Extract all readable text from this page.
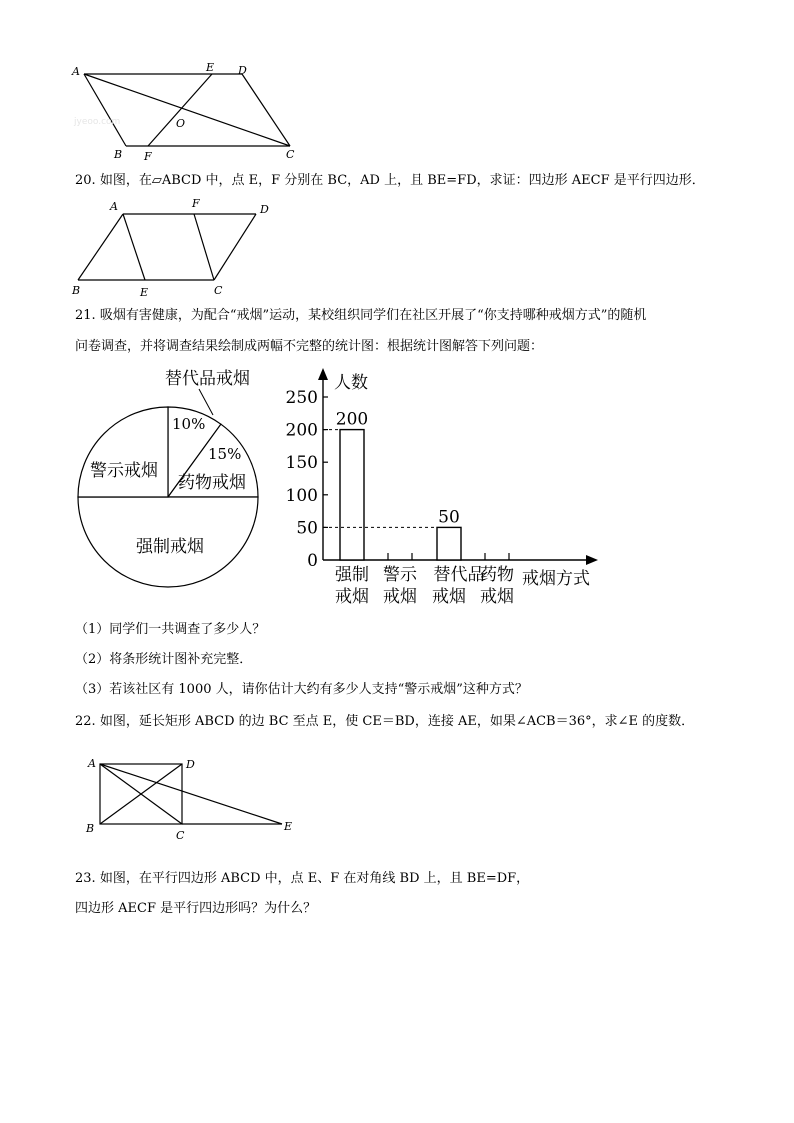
jyeoo.com
A	E D
O
B F	C
20. 如图，在▱ABCD 中，点 E，F 分别在 BC，AD 上，且 BE=FD，求证：四边形 AECF 是平行四边形．
A	F	D
B	E	C
21. 吸烟有害健康，为配合“戒烟”运动，某校组织同学们在社区开展了“你支持哪种戒烟方式”的随机
问卷调查，并将调查结果绘制成两幅不完整的统计图：根据统计图解答下列问题：
替代品戒烟
10%
15%
药物戒烟
警示戒烟
强制戒烟
人数
戒烟方式
0
50
100
150
200
250
200
50
强制
戒烟
警示
戒烟
替代品
戒烟
药物
戒烟
（1）同学们一共调查了多少人？
（2）将条形统计图补充完整．
（3）若该社区有 1000 人，请你估计大约有多少人支持“警示戒烟”这种方式？
22. 如图，延长矩形 ABCD 的边 BC 至点 E，使 CE＝BD，连接 AE，如果∠ACB＝36°，求∠E 的度数．
A	D
B
C
E
23. 如图，在平行四边形 ABCD 中，点 E、F 在对角线 BD 上，且 BE=DF，
四边形 AECF 是平行四边形吗？为什么？
